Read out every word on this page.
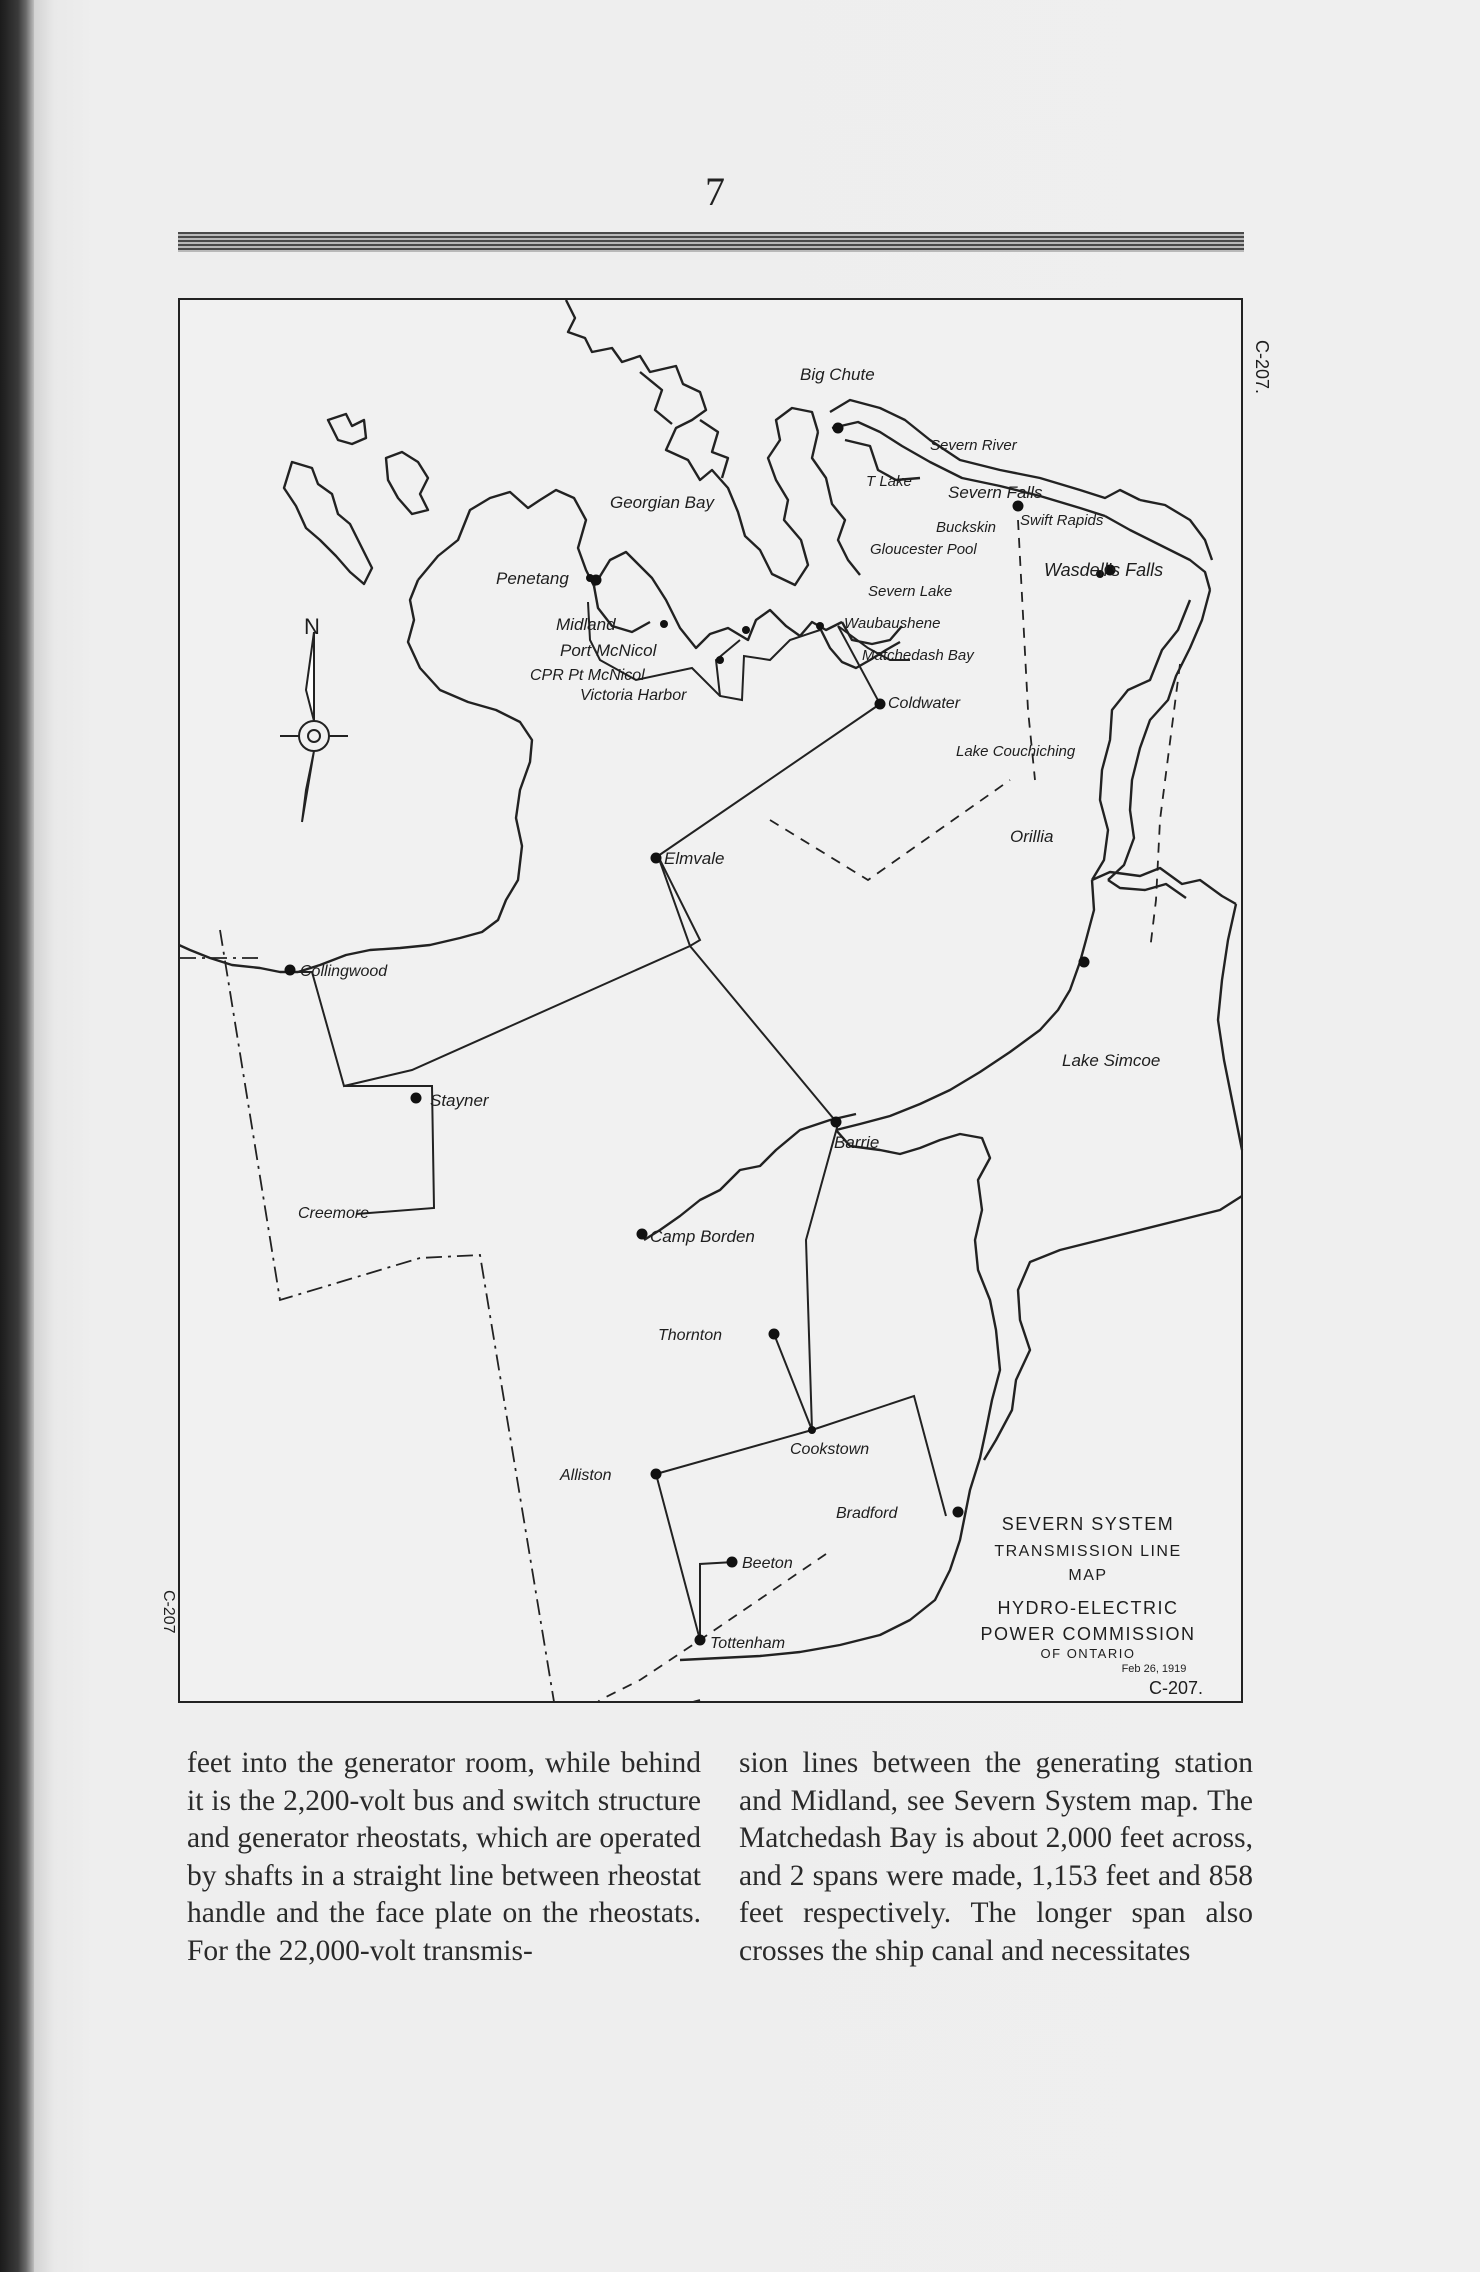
7
N
Big Chute
Severn River
T Lake
Severn Falls
Swift Rapids
Buckskin
Georgian Bay
Gloucester Pool
Wasdell's Falls
Penetang
Severn Lake
Midland	Waubaushene
Port McNicol	Matchedash Bay
CPR Pt McNicol
Victoria Harbor	Coldwater
Lake Couchiching
Orillia
Elmvale
Collingwood
Lake Simcoe
Stayner
Barrie
Creemore
Camp Borden
Thornton
Cookstown
Alliston
Bradford
Beeton
Tottenham
C-207.
C-207
SEVERN SYSTEM
TRANSMISSION LINE
MAP
HYDRO-ELECTRIC
POWER COMMISSION
OF ONTARIO
Feb 26, 1919
C-207.
feet into the generator room, while behind it is the 2,200-volt bus and switch structure and generator rheostats, which are operated by shafts in a straight line between rheostat handle and the face plate on the rheostats. For the 22,000-volt transmis-
sion lines between the generating station and Midland, see Severn System map. The Matchedash Bay is about 2,000 feet across, and 2 spans were made, 1,153 feet and 858 feet respectively. The longer span also crosses the ship canal and necessitates
